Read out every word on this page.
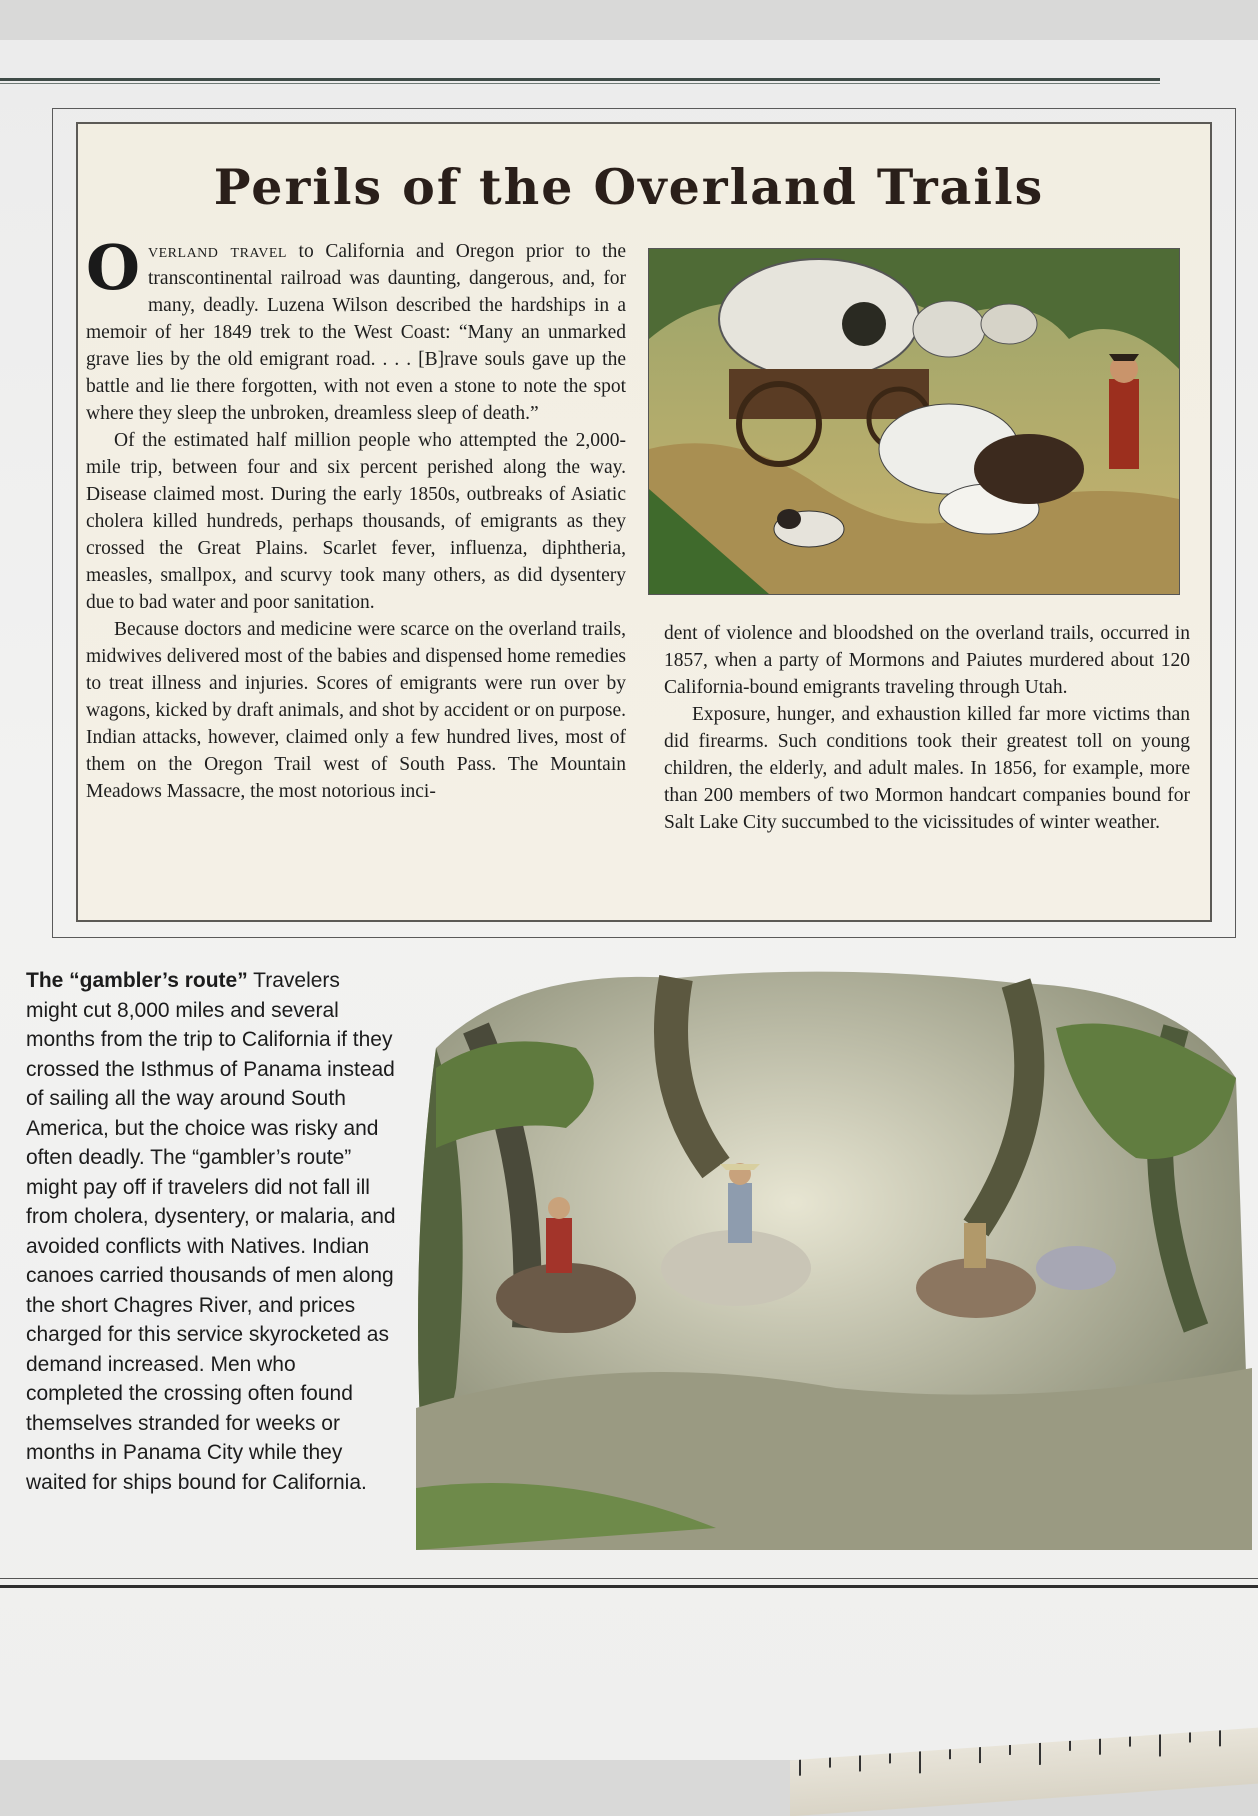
Perils of the Overland Trails

Overland travel to California and Oregon prior to the transcontinental railroad was daunting, dangerous, and, for many, deadly. Luzena Wilson described the hardships in a memoir of her 1849 trek to the West Coast: “Many an unmarked grave lies by the old emigrant road. . . . [B]rave souls gave up the battle and lie there forgotten, with not even a stone to note the spot where they sleep the unbroken, dreamless sleep of death.”

Of the estimated half million people who attempted the 2,000-mile trip, between four and six percent perished along the way. Disease claimed most. During the early 1850s, outbreaks of Asiatic cholera killed hundreds, perhaps thousands, of emigrants as they crossed the Great Plains. Scarlet fever, influenza, diphtheria, measles, smallpox, and scurvy took many others, as did dysentery due to bad water and poor sanitation.

Because doctors and medicine were scarce on the overland trails, midwives delivered most of the babies and dispensed home remedies to treat illness and injuries. Scores of emigrants were run over by wagons, kicked by draft animals, and shot by accident or on purpose. Indian attacks, however, claimed only a few hundred lives, most of them on the Oregon Trail west of South Pass. The Mountain Meadows Massacre, the most notorious inci-

dent of violence and bloodshed on the overland trails, occurred in 1857, when a party of Mormons and Paiutes murdered about 120 California-bound emigrants traveling through Utah.

Exposure, hunger, and exhaustion killed far more victims than did firearms. Such conditions took their greatest toll on young children, the elderly, and adult males. In 1856, for example, more than 200 members of two Mormon handcart companies bound for Salt Lake City succumbed to the vicissitudes of winter weather.

The “gambler’s route” Travelers might cut 8,000 miles and several months from the trip to California if they crossed the Isthmus of Panama instead of sailing all the way around South America, but the choice was risky and often deadly. The “gambler’s route” might pay off if travelers did not fall ill from cholera, dysentery, or malaria, and avoided conflicts with Natives. Indian canoes carried thousands of men along the short Chagres River, and prices charged for this service skyrocketed as demand increased. Men who completed the crossing often found themselves stranded for weeks or months in Panama City while they waited for ships bound for California.
